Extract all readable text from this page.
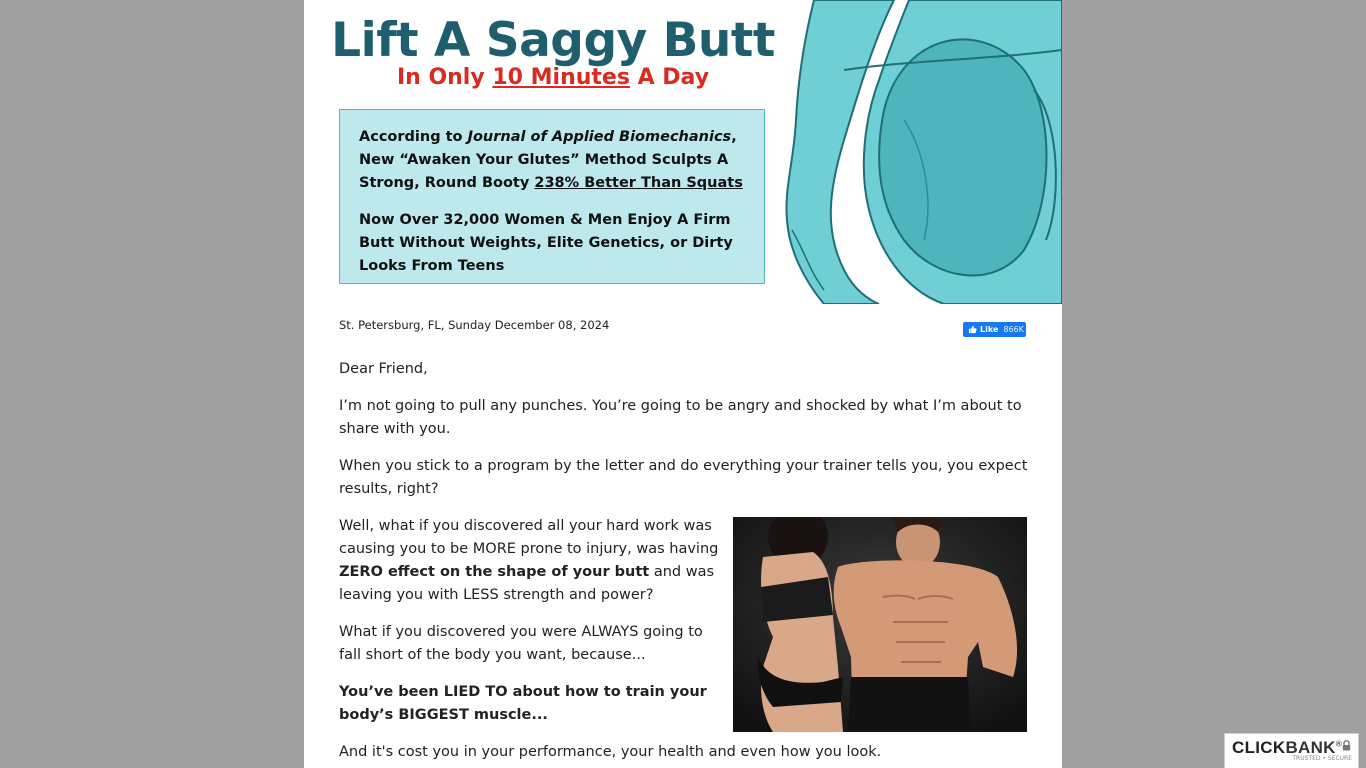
Lift A Saggy Butt
In Only 10 Minutes A Day

According to Journal of Applied Biomechanics, New “Awaken Your Glutes” Method Sculpts A Strong, Round Booty 238% Better Than Squats

Now Over 32,000 Women & Men Enjoy A Firm Butt Without Weights, Elite Genetics, or Dirty Looks From Teens

St. Petersburg, FL, Sunday December 08, 2024	Like 866K

Dear Friend,

I’m not going to pull any punches. You’re going to be angry and shocked by what I’m about to share with you.

When you stick to a program by the letter and do everything your trainer tells you, you expect results, right?

Well, what if you discovered all your hard work was causing you to be MORE prone to injury, was having ZERO effect on the shape of your butt and was leaving you with LESS strength and power?

What if you discovered you were ALWAYS going to fall short of the body you want, because...

You’ve been LIED TO about how to train your body’s BIGGEST muscle...

And it's cost you in your performance, your health and even how you look.	CLICKBANK®
TRUSTED • SECURE
